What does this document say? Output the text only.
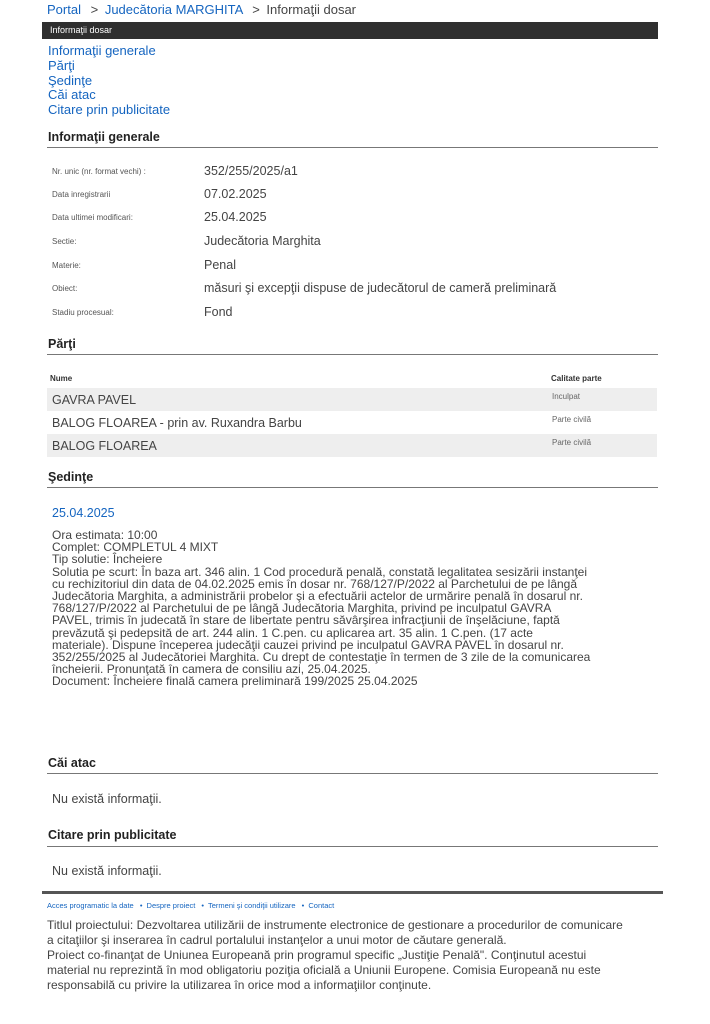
Portal > Judecătoria MARGHITA > Informaţii dosar
Informaţii dosar
Informaţii generale
Părţi
Şedinţe
Căi atac
Citare prin publicitate
Informaţii generale
Nr. unic (nr. format vechi) :	352/255/2025/a1
Data inregistrarii	07.02.2025
Data ultimei modificari:	25.04.2025
Sectie:	Judecătoria Marghita
Materie:	Penal
Obiect:	măsuri şi excepţii dispuse de judecătorul de cameră preliminară
Stadiu procesual:	Fond
Părţi
Nume	Calitate parte
GAVRA PAVEL	Inculpat
BALOG FLOAREA - prin av. Ruxandra Barbu	Parte civilă
BALOG FLOAREA	Parte civilă
Şedinţe
25.04.2025
Ora estimata: 10:00
Complet: COMPLETUL 4 MIXT
Tip solutie: Încheiere
Solutia pe scurt: În baza art. 346 alin. 1 Cod procedură penală, constată legalitatea sesizării instanţei
cu rechizitoriul din data de 04.02.2025 emis în dosar nr. 768/127/P/2022 al Parchetului de pe lângă
Judecătoria Marghita, a administrării probelor şi a efectuării actelor de urmărire penală în dosarul nr.
768/127/P/2022 al Parchetului de pe lângă Judecătoria Marghita, privind pe inculpatul GAVRA
PAVEL, trimis în judecată în stare de libertate pentru săvârşirea infracţiunii de înşelăciune, faptă
prevăzută şi pedepsită de art. 244 alin. 1 C.pen. cu aplicarea art. 35 alin. 1 C.pen. (17 acte
materiale). Dispune începerea judecăţii cauzei privind pe inculpatul GAVRA PAVEL în dosarul nr.
352/255/2025 al Judecătoriei Marghita. Cu drept de contestaţie în termen de 3 zile de la comunicarea
încheierii. Pronunţată în camera de consiliu azi, 25.04.2025.
Document: Încheiere finală camera preliminară 199/2025 25.04.2025
Căi atac
Nu există informaţii.
Citare prin publicitate
Nu există informaţii.
Acces programatic la date • Despre proiect • Termeni şi condiţii utilizare • Contact
Titlul proiectului: Dezvoltarea utilizării de instrumente electronice de gestionare a procedurilor de comunicare
a citaţiilor şi inserarea în cadrul portalului instanţelor a unui motor de căutare generală.
Proiect co-finanţat de Uniunea Europeană prin programul specific „Justiţie Penală". Conţinutul acestui
material nu reprezintă în mod obligatoriu poziţia oficială a Uniunii Europene. Comisia Europeană nu este
responsabilă cu privire la utilizarea în orice mod a informaţiilor conţinute.
